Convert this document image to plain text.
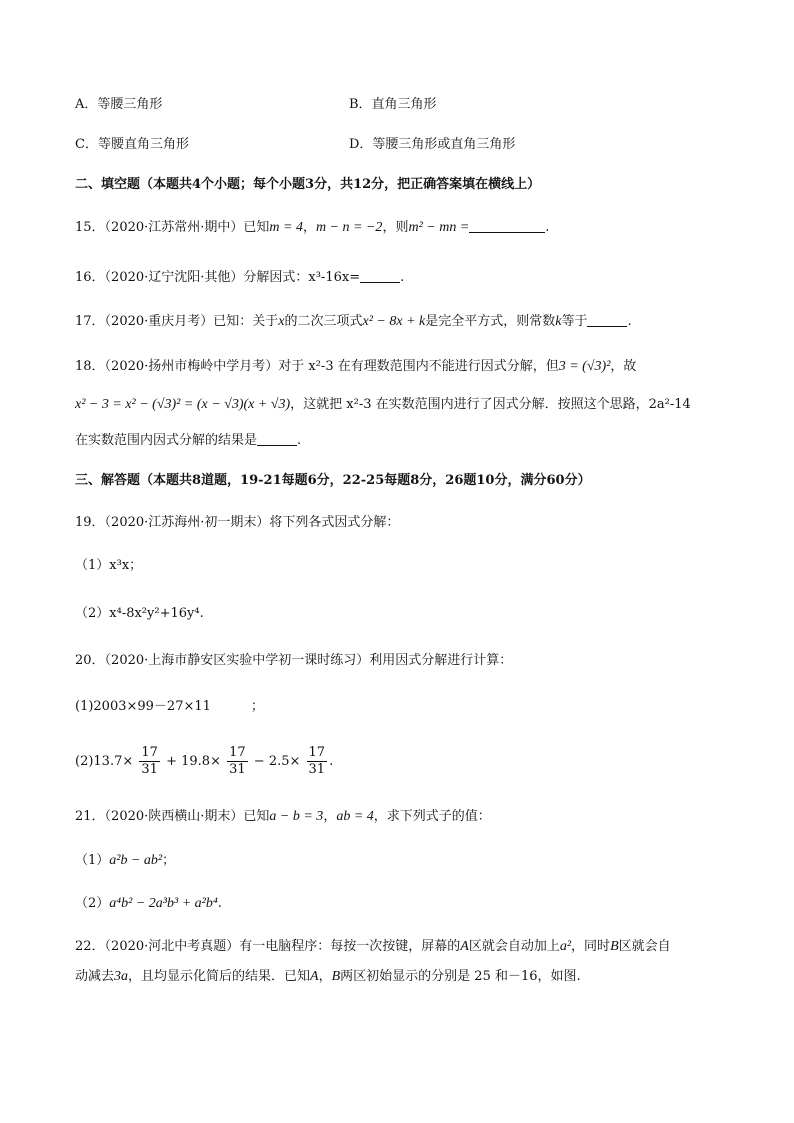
A．等腰三角形	B．直角三角形
C．等腰直角三角形	D．等腰三角形或直角三角形
二、填空题（本题共4个小题；每个小题3分，共12分，把正确答案填在横线上）
15．（2020·江苏常州·期中）已知m = 4，m − n = −2，则m² − mn =	.
16．（2020·辽宁沈阳·其他）分解因式：x³-16x=	.
17．（2020·重庆月考）已知：关于x的二次三项式x² − 8x + k是完全平方式，则常数k等于	.
18．（2020·扬州市梅岭中学月考）对于 x²-3 在有理数范围内不能进行因式分解，但3 = (√3)²，故
x² − 3 = x² − (√3)² = (x − √3)(x + √3)，这就把 x²-3 在实数范围内进行了因式分解．按照这个思路，2a²-14
在实数范围内因式分解的结果是	.
三、解答题（本题共8道题，19-21每题6分，22-25每题8分，26题10分，满分60分）
19．（2020·江苏海州·初一期末）将下列各式因式分解：
（1）x³x；
（2）x⁴-8x²y²+16y⁴.
20．（2020·上海市静安区实验中学初一课时练习）利用因式分解进行计算：
(1)2003×99－27×11	；
$(2)13.7\times \frac{17}{31} + 19.8\times \frac{17}{31} - 2.5\times \frac{17}{31}$ .
21．（2020·陕西横山·期末）已知a − b = 3，ab = 4，求下列式子的值：
（1）a²b − ab²；
（2）a⁴b² − 2a³b³ + a²b⁴.
22．（2020·河北中考真题）有一电脑程序：每按一次按键，屏幕的A区就会自动加上a²，同时B区就会自
动减去3a，且均显示化简后的结果．已知A，B两区初始显示的分别是 25 和－16，如图.
